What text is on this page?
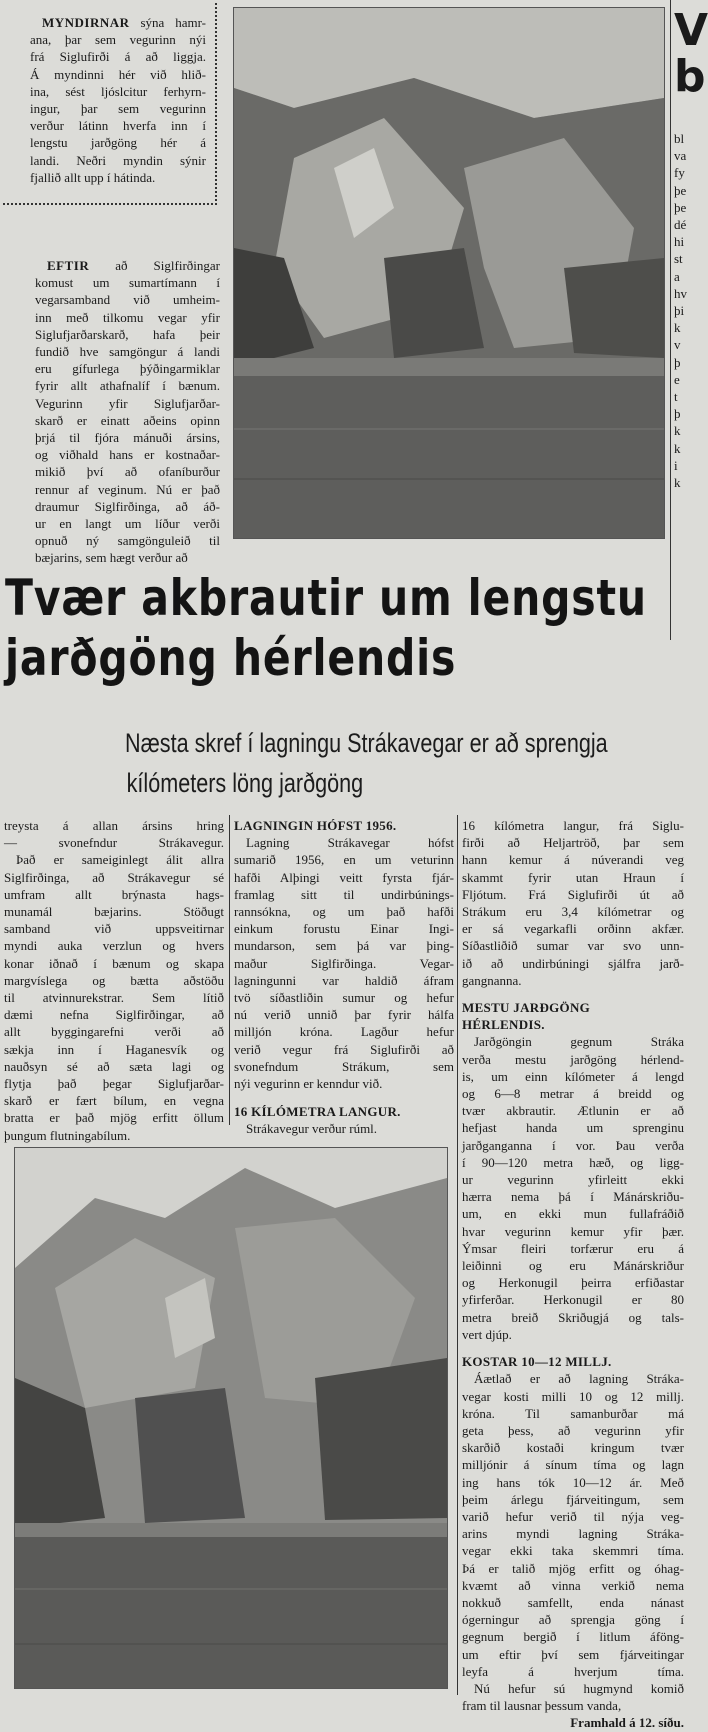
MYNDIRNAR sýna hamr-
ana, þar sem vegurinn nýi
frá Siglufirði á að liggja.
Á myndinni hér við hlið-
ina, sést ljóslcitur ferhyrn-
ingur, þar sem vegurinn
verður látinn hverfa inn í
lengstu jarðgöng hér á
landi. Neðri myndin sýnir
fjallið allt upp í hátinda.
EFTIR að Siglfirðingar
komust um sumartímann í
vegarsamband við umheim-
inn með tilkomu vegar yfir
Siglufjarðarskarð, hafa þeir
fundið hve samgöngur á landi
eru gífurlega þýðingarmiklar
fyrir allt athafnalíf í bænum.
Vegurinn yfir Siglufjarðar-
skarð er einatt aðeins opinn
þrjá til fjóra mánuði ársins,
og viðhald hans er kostnaðar-
mikið því að ofaníburður
rennur af veginum. Nú er það
draumur Siglfirðinga, að áð-
ur en langt um líður verði
opnuð ný samgönguleið til
bæjarins, sem hægt verður að
Tvær akbrautir um lengstu
jarðgöng hérlendis
Næsta skref í lagningu Strákavegar er að sprengja
kílómeters löng jarðgöng
treysta á allan ársins hring
— svonefndur Strákavegur.
Það er sameiginlegt álit allra
Siglfirðinga, að Strákavegur sé
umfram allt brýnasta hags-
munamál bæjarins. Stöðugt
samband við uppsveitirnar
myndi auka verzlun og hvers
konar iðnað í bænum og skapa
margvíslega og bætta aðstöðu
til atvinnurekstrar. Sem lítið
dæmi nefna Siglfirðingar, að
allt byggingarefni verði að
sækja inn í Haganesvík og
nauðsyn sé að sæta lagi og
flytja það þegar Siglufjarðar-
skarð er fært bílum, en vegna
bratta er það mjög erfitt öllum
þungum flutningabílum.
LAGNINGIN HÓFST 1956.
Lagning Strákavegar hófst
sumarið 1956, en um veturinn
hafði Alþingi veitt fyrsta fjár-
framlag sitt til undirbúnings-
rannsókna, og um það hafði
einkum forustu Einar Ingi-
mundarson, sem þá var þing-
maður Siglfirðinga. Vegar-
lagningunni var haldið áfram
tvö síðastliðin sumur og hefur
nú verið unnið þar fyrir hálfa
milljón króna. Lagður hefur
verið vegur frá Siglufirði að
svonefndum Strákum, sem
nýi vegurinn er kenndur við.
16 KÍLÓMETRA LANGUR.
Strákavegur verður rúml.
16 kílómetra langur, frá Siglu-
firði að Heljartröð, þar sem
hann kemur á núverandi veg
skammt fyrir utan Hraun í
Fljótum. Frá Siglufirði út að
Strákum eru 3,4 kílómetrar og
er sá vegarkafli orðinn akfær.
Síðastliðið sumar var svo unn-
ið að undirbúningi sjálfra jarð-
gangnanna.
MESTU JARÐGÖNG
HÉRLENDIS.
Jarðgöngin gegnum Stráka
verða mestu jarðgöng hérlend-
is, um einn kílómeter á lengd
og 6—8 metrar á breidd og
tvær akbrautir. Ætlunin er að
hefjast handa um sprenginu
jarðganganna í vor. Þau verða
í 90—120 metra hæð, og ligg-
ur vegurinn yfirleitt ekki
hærra nema þá í Mánárskriðu-
um, en ekki mun fullafráðið
hvar vegurinn kemur yfir þær.
Ýmsar fleiri torfærur eru á
leiðinni og eru Mánárskriður
og Herkonugil þeirra erfiðastar
yfirferðar. Herkonugil er 80
metra breið Skriðugjá og tals-
vert djúp.
KOSTAR 10—12 MILLJ.
Áætlað er að lagning Stráka-
vegar kosti milli 10 og 12 millj.
króna. Til samanburðar má
geta þess, að vegurinn yfir
skarðið kostaði kringum tvær
milljónir á sínum tíma og lagn
ing hans tók 10—12 ár. Með
þeim árlegu fjárveitingum, sem
varið hefur verið til nýja veg-
arins myndi lagning Stráka-
vegar ekki taka skemmri tíma.
Þá er talið mjög erfitt og óhag-
kvæmt að vinna verkið nema
nokkuð samfellt, enda nánast
ógerningur að sprengja göng í
gegnum bergið í litlum áföng-
um eftir því sem fjárveitingar
leyfa á hverjum tíma.
Nú hefur sú hugmynd komið
fram til lausnar þessum vanda,
Framhald á 12. síðu.
V
b
bl
va
fy
þe
þe
dé
hi
st
a
hv
þi
k
v
þ
e
t
þ
k
k
i
k
